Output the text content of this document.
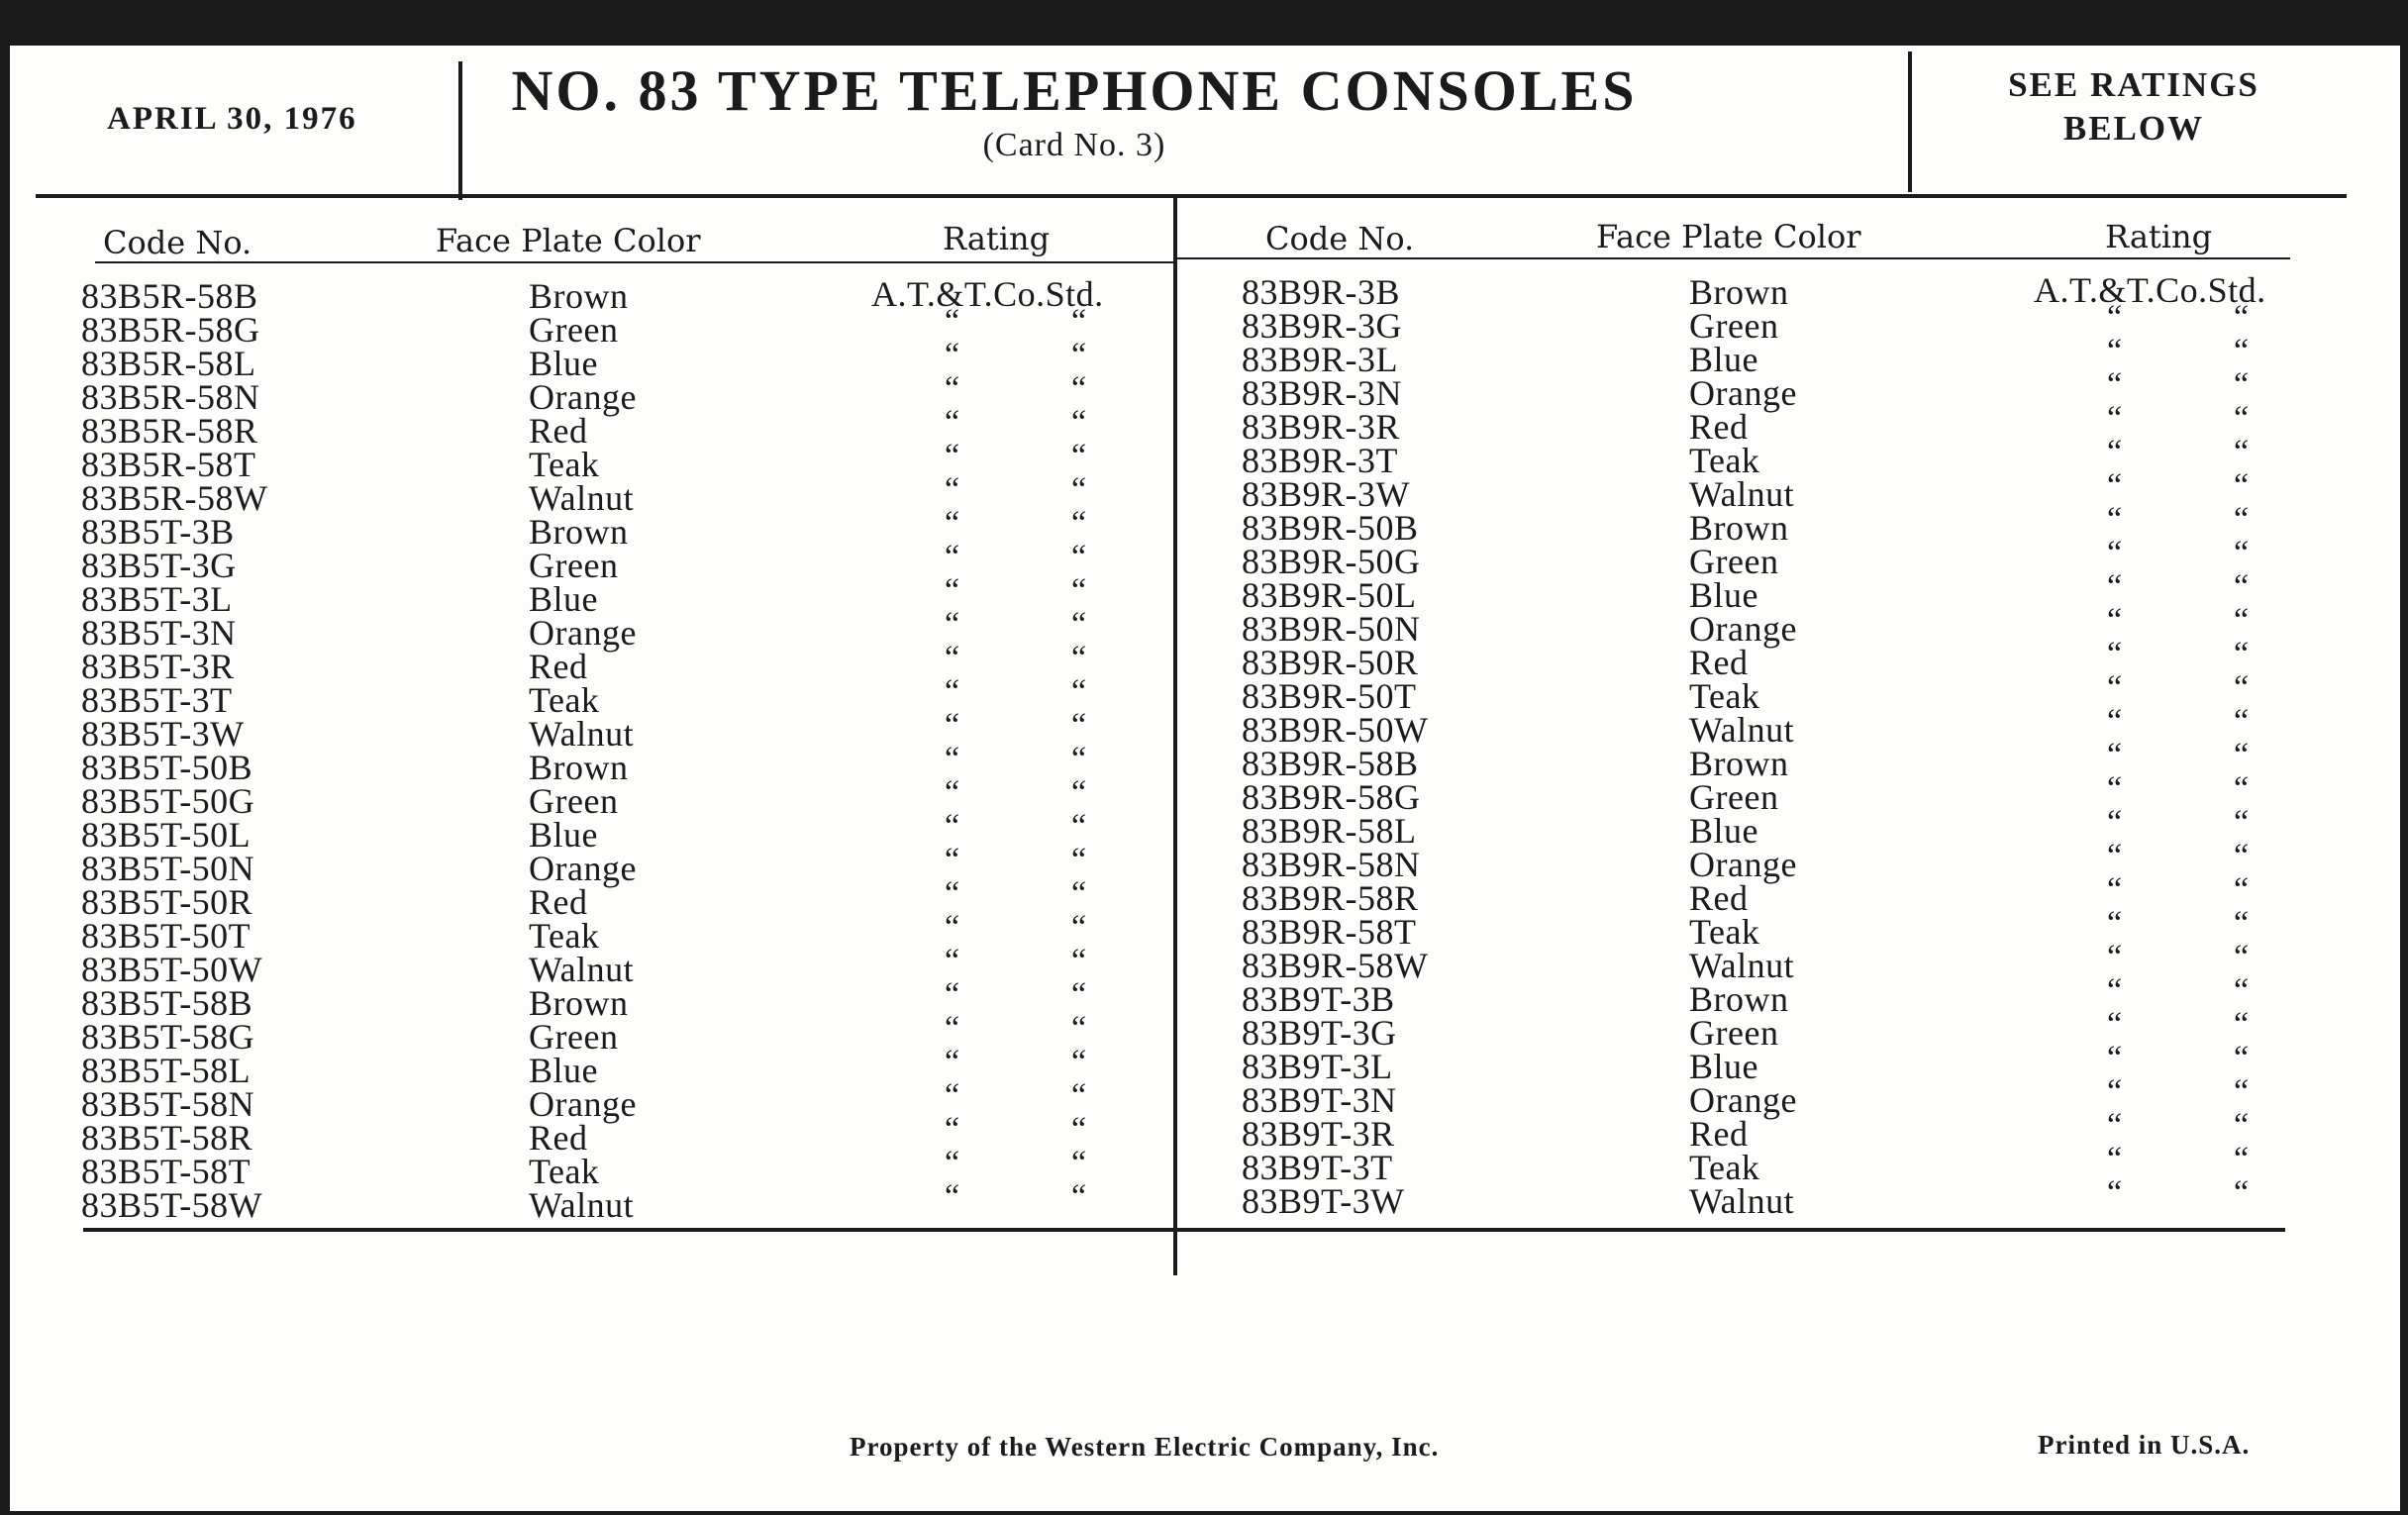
APRIL 30, 1976	NO. 83 TYPE TELEPHONE CONSOLES
(Card No. 3)
SEE RATINGS
BELOW
Code No.	Face Plate Color	Rating	Code No.	Face Plate Color	Rating
83B5R-58B	Brown	A.T.&T.Co.Std.
83B5R-58G	Green	“	“
83B5R-58L	Blue	“	“
83B5R-58N	Orange	“	“
83B5R-58R	Red	“	“
83B5R-58T	Teak	“	“
83B5R-58W	Walnut	“	“
83B5T-3B	Brown	“	“
83B5T-3G	Green	“	“
83B5T-3L	Blue	“	“
83B5T-3N	Orange	“	“
83B5T-3R	Red	“	“
83B5T-3T	Teak	“	“
83B5T-3W	Walnut	“	“
83B5T-50B	Brown	“	“
83B5T-50G	Green	“	“
83B5T-50L	Blue	“	“
83B5T-50N	Orange	“	“
83B5T-50R	Red	“	“
83B5T-50T	Teak	“	“
83B5T-50W	Walnut	“	“
83B5T-58B	Brown	“	“
83B5T-58G	Green	“	“
83B5T-58L	Blue	“	“
83B5T-58N	Orange	“	“
83B5T-58R	Red	“	“
83B5T-58T	Teak	“	“
83B5T-58W	Walnut	“	“
83B9R-3B	Brown	A.T.&T.Co.Std.
83B9R-3G	Green	“	“
83B9R-3L	Blue	“	“
83B9R-3N	Orange	“	“
83B9R-3R	Red	“	“
83B9R-3T	Teak	“	“
83B9R-3W	Walnut	“	“
83B9R-50B	Brown	“	“
83B9R-50G	Green	“	“
83B9R-50L	Blue	“	“
83B9R-50N	Orange	“	“
83B9R-50R	Red	“	“
83B9R-50T	Teak	“	“
83B9R-50W	Walnut	“	“
83B9R-58B	Brown	“	“
83B9R-58G	Green	“	“
83B9R-58L	Blue	“	“
83B9R-58N	Orange	“	“
83B9R-58R	Red	“	“
83B9R-58T	Teak	“	“
83B9R-58W	Walnut	“	“
83B9T-3B	Brown	“	“
83B9T-3G	Green	“	“
83B9T-3L	Blue	“	“
83B9T-3N	Orange	“	“
83B9T-3R	Red	“	“
83B9T-3T	Teak	“	“
83B9T-3W	Walnut	“	“
Property of the Western Electric Company, Inc.	Printed in U.S.A.
